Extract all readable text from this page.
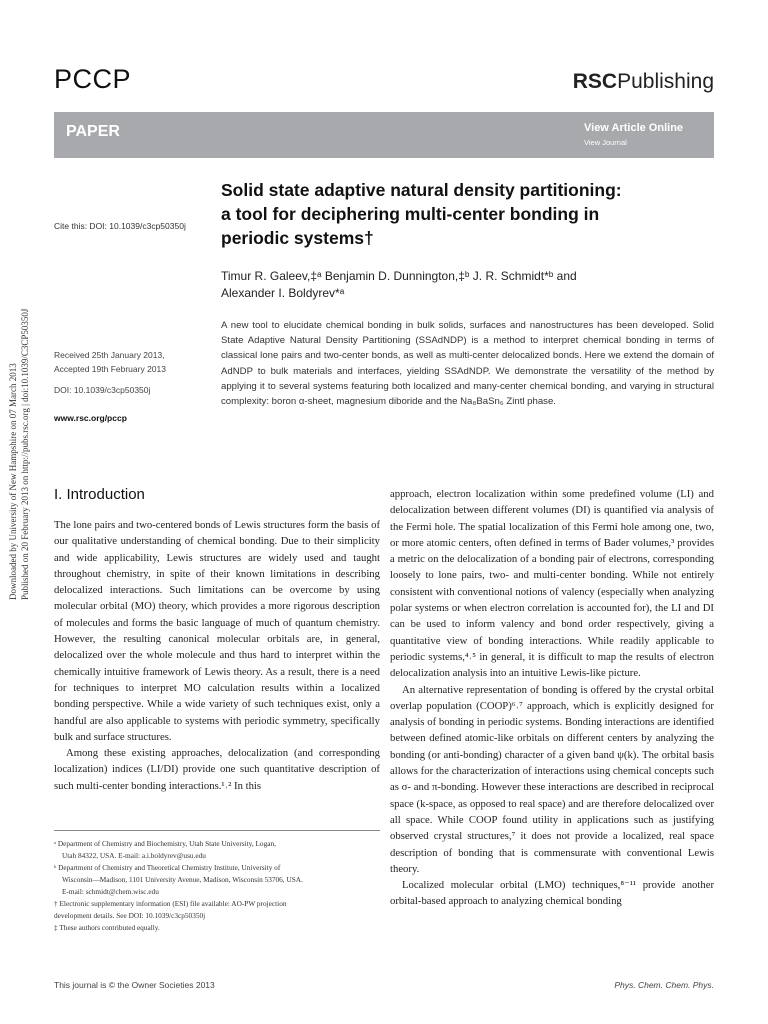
PCCP	RSCPublishing
PAPER	View Article Online
View Journal
Downloaded by University of New Hampshire on 07 March 2013 Published on 20 February 2013 on http://pubs.rsc.org | doi:10.1039/C3CP50350J
Solid state adaptive natural density partitioning:
a tool for deciphering multi-center bonding in
periodic systems†
Timur R. Galeev,‡ᵃ Benjamin D. Dunnington,‡ᵇ J. R. Schmidt*ᵇ and
Alexander I. Boldyrev*ᵃ
Cite this: DOI: 10.1039/c3cp50350j
Received 25th January 2013,
Accepted 19th February 2013
DOI: 10.1039/c3cp50350j
www.rsc.org/pccp
A new tool to elucidate chemical bonding in bulk solids, surfaces and nanostructures has been developed. Solid State Adaptive Natural Density Partitioning (SSAdNDP) is a method to interpret chemical bonding in terms of classical lone pairs and two-center bonds, as well as multi-center delocalized bonds. Here we extend the domain of AdNDP to bulk materials and interfaces, yielding SSAdNDP. We demonstrate the versatility of the method by applying it to several systems featuring both localized and many-center chemical bonding, and varying in structural complexity: boron α-sheet, magnesium diboride and the Na₈BaSn₆ Zintl phase.
I. Introduction

The lone pairs and two-centered bonds of Lewis structures form the basis of our qualitative understanding of chemical bonding. Due to their simplicity and wide applicability, Lewis structures are widely used and taught throughout chemistry, in spite of their known limitations in describing delocalized interactions. Such limitations can be overcome by using molecular orbital (MO) theory, which provides a more rigorous description of molecules and forms the basic language of much of quantum chemistry. However, the resulting canonical molecular orbitals are, in general, delocalized over the whole molecule and thus hard to interpret within the chemically intuitive framework of Lewis theory. As a result, there is a need for techniques to interpret MO calculation results within a localized bonding perspective. While a wide variety of such techniques exist, only a handful are also applicable to systems with periodic symmetry, specifically bulk and surface structures.

Among these existing approaches, delocalization (and corresponding localization) indices (LI/DI) provide one such quantitative description of such multi-center bonding interactions.¹˒² In this

approach, electron localization within some predefined volume (LI) and delocalization between different volumes (DI) is quantified via analysis of the Fermi hole. The spatial localization of this Fermi hole among one, two, or more atomic centers, often defined in terms of Bader volumes,³ provides a metric on the delocalization of a bonding pair of electrons, corresponding loosely to lone pairs, two- and multi-center bonding. While not entirely consistent with conventional notions of valency (especially when analyzing polar systems or when electron correlation is accounted for), the LI and DI can be used to inform valency and bond order respectively, giving a quantitative view of bonding interactions. While readily applicable to periodic systems,⁴˒⁵ in general, it is difficult to map the results of electron delocalization analysis into an intuitive Lewis-like picture.

An alternative representation of bonding is offered by the crystal orbital overlap population (COOP)⁶˒⁷ approach, which is explicitly designed for analysis of bonding in periodic systems. Bonding interactions are identified between defined atomic-like orbitals on different centers by analyzing the bonding (or anti-bonding) character of a given band ψ(k). The orbital basis allows for the characterization of interactions using chemical concepts such as σ- and π-bonding. However these interactions are described in reciprocal space (k-space, as opposed to real space) and are therefore delocalized over all space. While COOP found utility in applications such as justifying observed crystal structures,⁷ it does not provide a localized, real space description of bonding that is commensurate with conventional Lewis theory.

Localized molecular orbital (LMO) techniques,⁸⁻¹¹ provide another orbital-based approach to analyzing chemical bonding

ᵃ Department of Chemistry and Biochemistry, Utah State University, Logan,
Utah 84322, USA. E-mail: a.i.boldyrev@usu.edu
ᵇ Department of Chemistry and Theoretical Chemistry Institute, University of
Wisconsin—Madison, 1101 University Avenue, Madison, Wisconsin 53706, USA.
E-mail: schmidt@chem.wisc.edu
† Electronic supplementary information (ESI) file available: AO-PW projection
development details. See DOI: 10.1039/c3cp50350j
‡ These authors contributed equally.
This journal is © the Owner Societies 2013	Phys. Chem. Chem. Phys.
